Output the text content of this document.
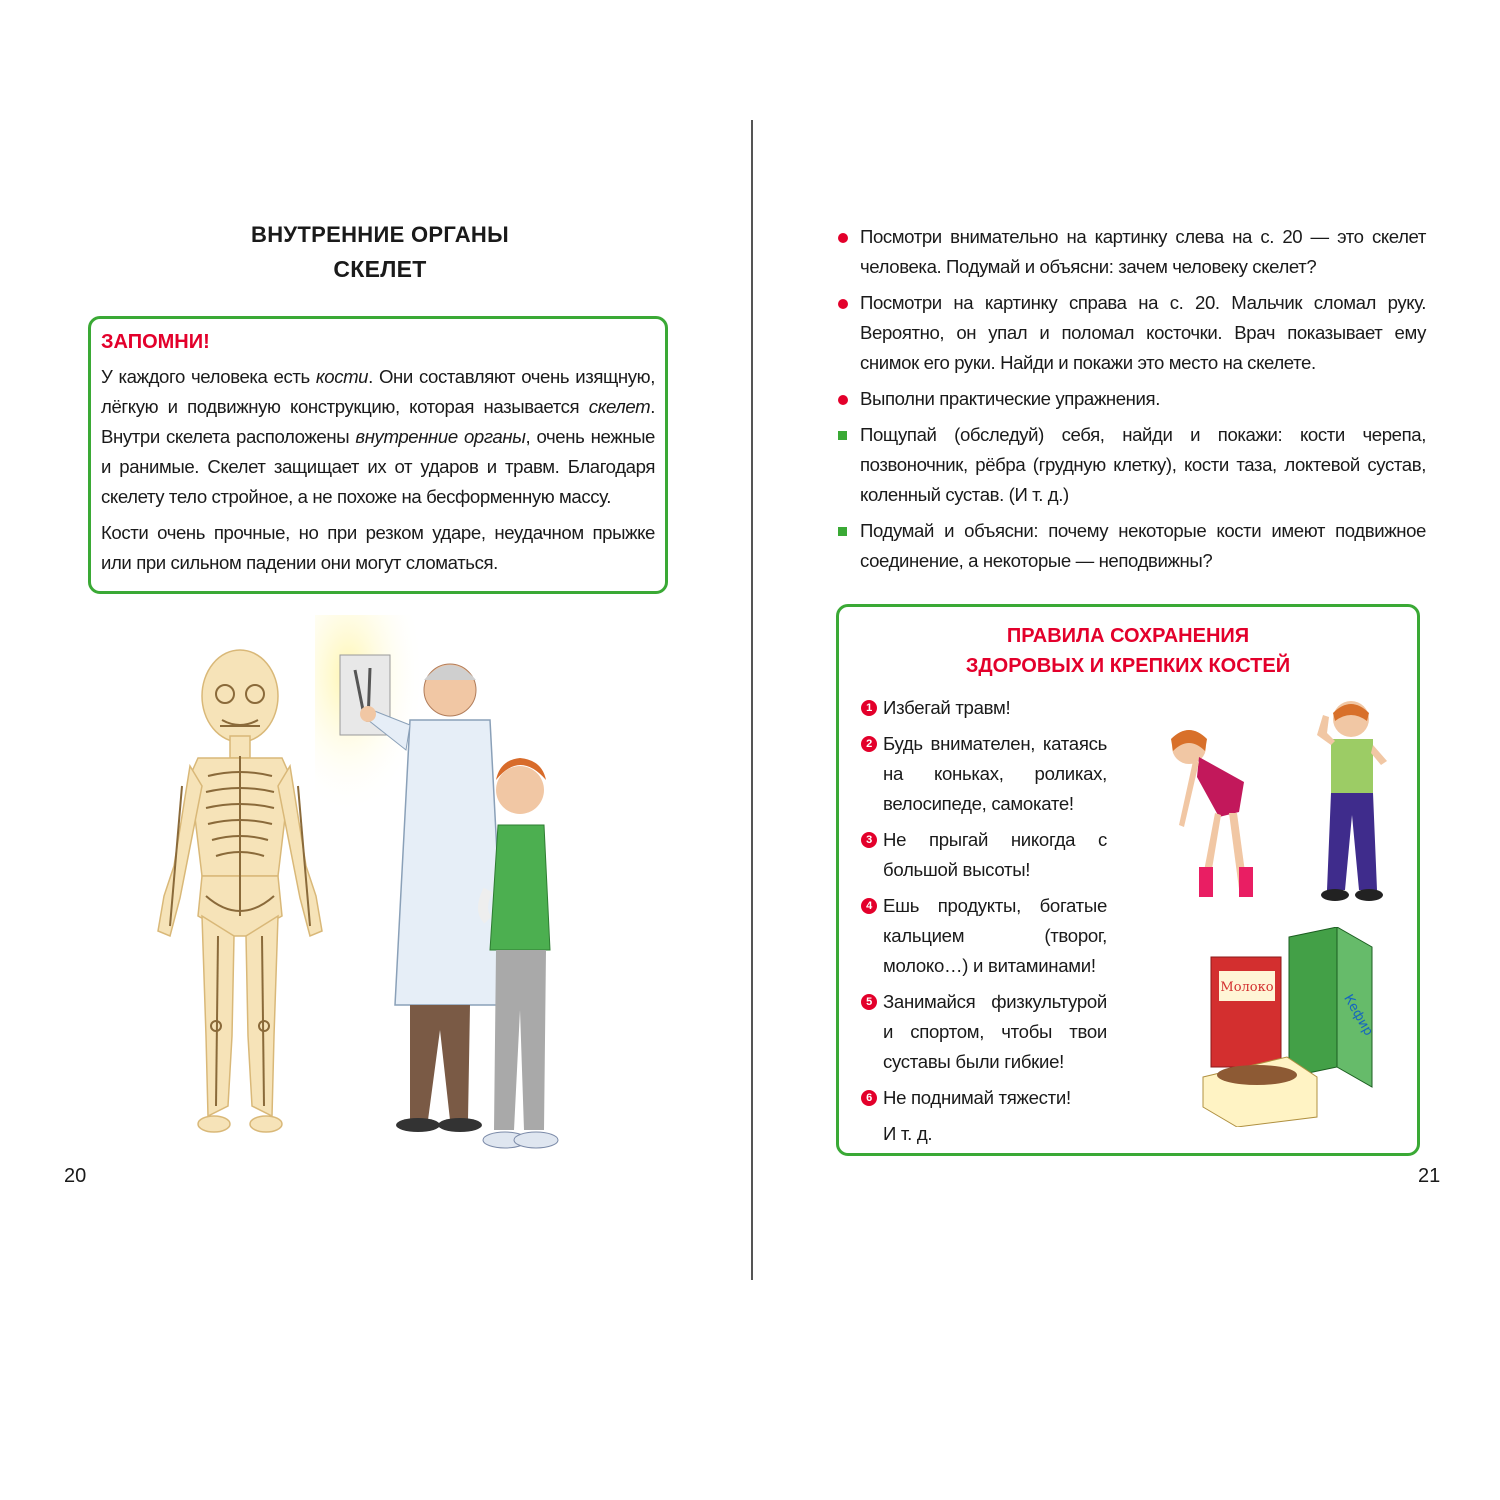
ВНУТРЕННИЕ ОРГАНЫ
СКЕЛЕТ
ЗАПОМНИ!

У каждого человека есть кости. Они составляют очень изящную, лёгкую и подвижную конструкцию, которая называется скелет. Внутри скелета расположены внутренние органы, очень нежные и ранимые. Скелет защищает их от ударов и травм. Благодаря скелету тело стройное, а не похоже на бесформенную массу.

Кости очень прочные, но при резком ударе, неудачном прыжке или при сильном падении они могут сломаться.

20
Посмотри внимательно на картинку слева на с. 20 — это скелет человека. Подумай и объясни: зачем человеку скелет?
Посмотри на картинку справа на с. 20. Мальчик сломал руку. Вероятно, он упал и поломал косточки. Врач показывает ему снимок его руки. Найди и покажи это место на скелете.
Выполни практические упражнения.
Пощупай (обследуй) себя, найди и покажи: кости черепа, позвоночник, рёбра (грудную клетку), кости таза, локтевой сустав, коленный сустав. (И т. д.)
Подумай и объясни: почему некоторые кости имеют подвижное соединение, а некоторые — неподвижны?
ПРАВИЛА СОХРАНЕНИЯ
ЗДОРОВЫХ И КРЕПКИХ КОСТЕЙ
1 Избегай травм!
2 Будь внимателен, катаясь на коньках, роликах, велосипеде, самокате!
3 Не прыгай никогда с большой высоты!
4 Ешь продукты, богатые кальцием (творог, молоко…) и витаминами!
5 Занимайся физкультурой и спортом, чтобы твои суставы были гибкие!
6 Не поднимай тяжести!
И т. д.
Молоко
Кефир
21
